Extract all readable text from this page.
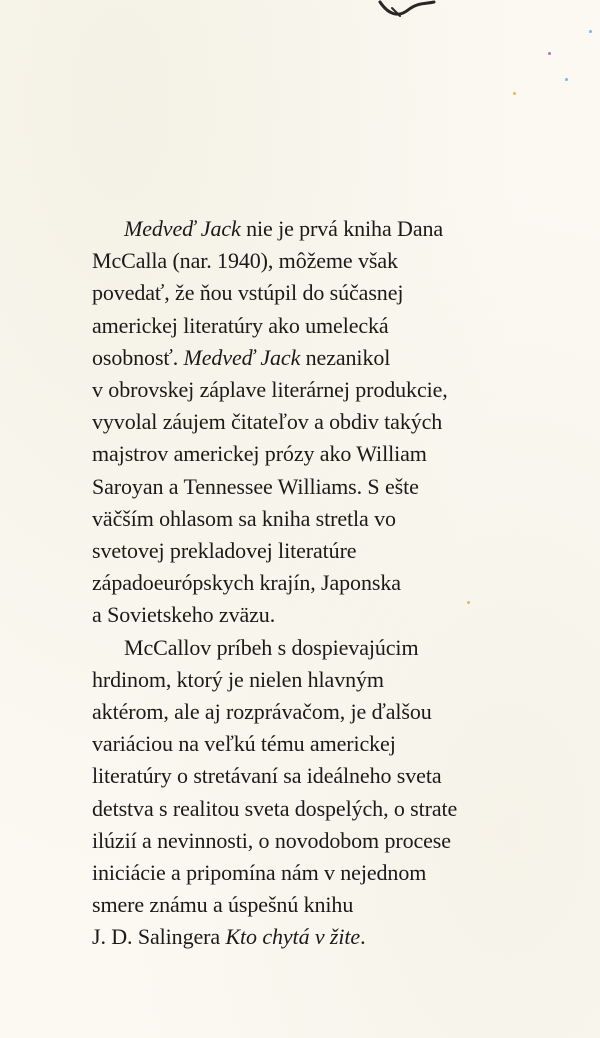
Medveď Jack nie je prvá kniha Dana
McCalla (nar. 1940), môžeme však
povedať, že ňou vstúpil do súčasnej
americkej literatúry ako umelecká
osobnosť. Medveď Jack nezanikol
v obrovskej záplave literárnej produkcie,
vyvolal záujem čitateľov a obdiv takých
majstrov americkej prózy ako William
Saroyan a Tennessee Williams. S ešte
väčším ohlasom sa kniha stretla vo
svetovej prekladovej literatúre
západoeurópskych krajín, Japonska
a Sovietskeho zväzu.
McCallov príbeh s dospievajúcim
hrdinom, ktorý je nielen hlavným
aktérom, ale aj rozprávačom, je ďalšou
variáciou na veľkú tému americkej
literatúry o stretávaní sa ideálneho sveta
detstva s realitou sveta dospelých, o strate
ilúzií a nevinnosti, o novodobom procese
iniciácie a pripomína nám v nejednom
smere známu a úspešnú knihu
J. D. Salingera Kto chytá v žite.
